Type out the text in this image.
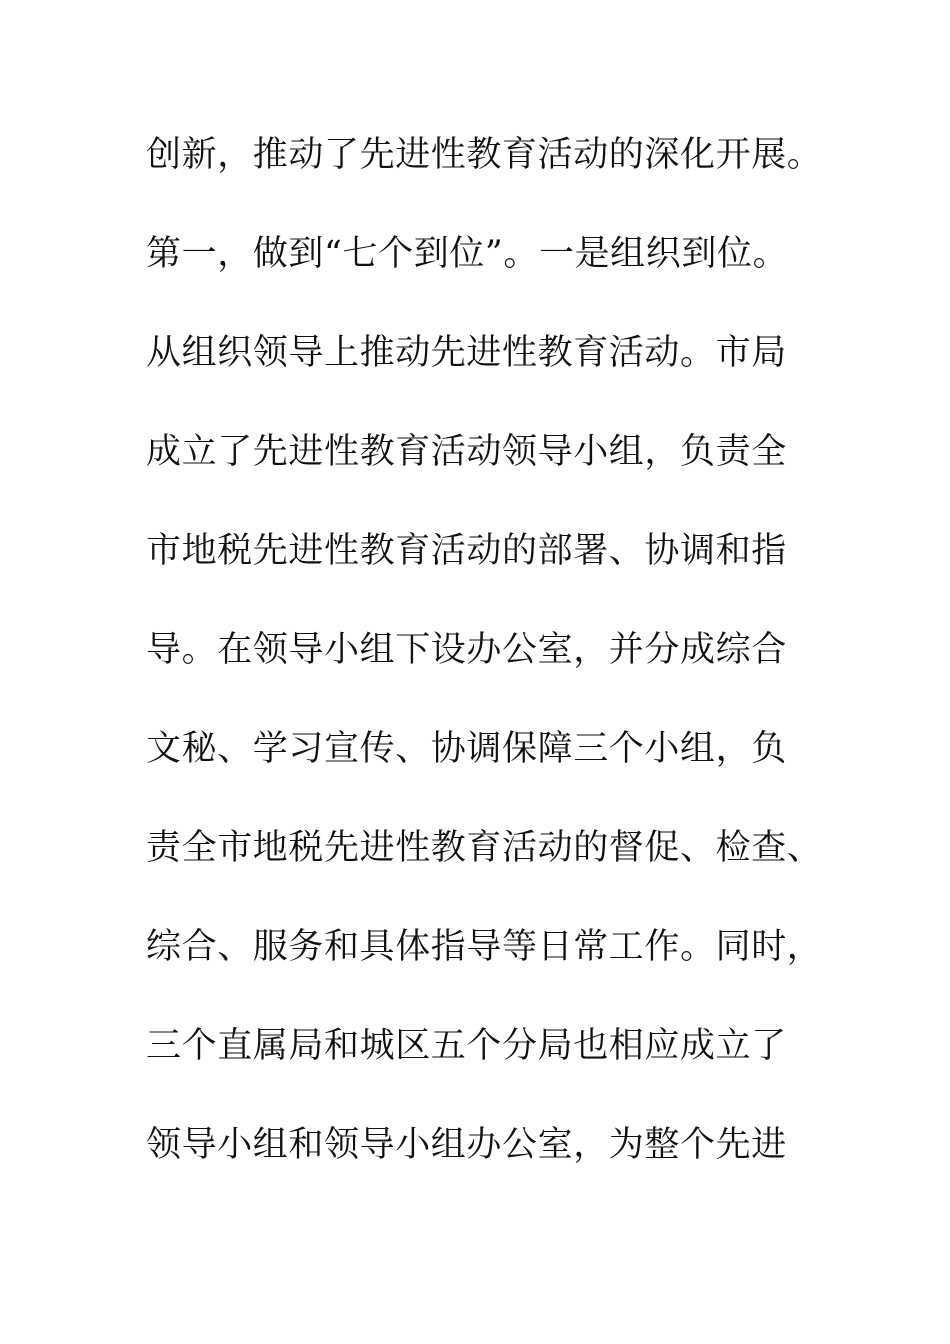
创新，推动了先进性教育活动的深化开展。
第一，做到“七个到位”。一是组织到位。
从组织领导上推动先进性教育活动。市局
成立了先进性教育活动领导小组，负责全
市地税先进性教育活动的部署、协调和指
导。在领导小组下设办公室，并分成综合
文秘、学习宣传、协调保障三个小组，负
责全市地税先进性教育活动的督促、检查、
综合、服务和具体指导等日常工作。同时，
三个直属局和城区五个分局也相应成立了
领导小组和领导小组办公室，为整个先进
